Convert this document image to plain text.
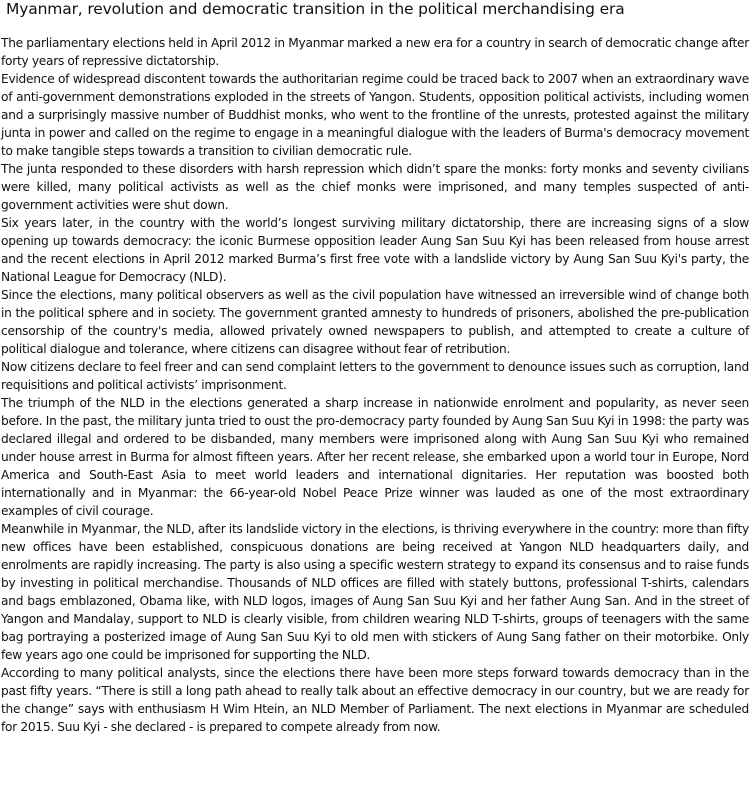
Myanmar, revolution and democratic transition in the political merchandising era

The parliamentary elections held in April 2012 in Myanmar marked a new era for a country in search of democratic change after forty years of repressive dictatorship.

Evidence of widespread discontent towards the authoritarian regime could be traced back to 2007 when an extraordinary wave of anti-government demonstrations exploded in the streets of Yangon. Students, opposition political activists, including women and a surprisingly massive number of Buddhist monks, who went to the frontline of the unrests, protested against the military junta in power and called on the regime to engage in a meaningful dialogue with the leaders of Burma's democracy movement to make tangible steps towards a transition to civilian democratic rule.

The junta responded to these disorders with harsh repression which didn’t spare the monks: forty monks and seventy civilians were killed, many political activists as well as the chief monks were imprisoned, and many temples suspected of anti-government activities were shut down.

Six years later, in the country with the world’s longest surviving military dictatorship, there are increasing signs of a slow opening up towards democracy: the iconic Burmese opposition leader Aung San Suu Kyi has been released from house arrest and the recent elections in April 2012 marked Burma’s first free vote with a landslide victory by Aung San Suu Kyi's party, the National League for Democracy (NLD).

Since the elections, many political observers as well as the civil population have witnessed an irreversible wind of change both in the political sphere and in society. The government granted amnesty to hundreds of prisoners, abolished the pre-publication censorship of the country's media, allowed privately owned newspapers to publish, and attempted to create a culture of political dialogue and tolerance, where citizens can disagree without fear of retribution.

Now citizens declare to feel freer and can send complaint letters to the government to denounce issues such as corruption, land requisitions and political activists’ imprisonment.

The triumph of the NLD in the elections generated a sharp increase in nationwide enrolment and popularity, as never seen before. In the past, the military junta tried to oust the pro-democracy party founded by Aung San Suu Kyi in 1998: the party was declared illegal and ordered to be disbanded, many members were imprisoned along with Aung San Suu Kyi who remained under house arrest in Burma for almost fifteen years. After her recent release, she embarked upon a world tour in Europe, Nord America and South-East Asia to meet world leaders and international dignitaries. Her reputation was boosted both internationally and in Myanmar: the 66-year-old Nobel Peace Prize winner was lauded as one of the most extraordinary examples of civil courage.

Meanwhile in Myanmar, the NLD, after its landslide victory in the elections, is thriving everywhere in the country: more than fifty new offices have been established, conspicuous donations are being received at Yangon NLD headquarters daily, and enrolments are rapidly increasing. The party is also using a specific western strategy to expand its consensus and to raise funds by investing in political merchandise. Thousands of NLD offices are filled with stately buttons, professional T-shirts, calendars and bags emblazoned, Obama like, with NLD logos, images of Aung San Suu Kyi and her father Aung San. And in the street of Yangon and Mandalay, support to NLD is clearly visible, from children wearing NLD T-shirts, groups of teenagers with the same bag portraying a posterized image of Aung San Suu Kyi to old men with stickers of Aung Sang father on their motorbike. Only few years ago one could be imprisoned for supporting the NLD.

According to many political analysts, since the elections there have been more steps forward towards democracy than in the past fifty years. “There is still a long path ahead to really talk about an effective democracy in our country, but we are ready for the change” says with enthusiasm H Wim Htein, an NLD Member of Parliament. The next elections in Myanmar are scheduled for 2015. Suu Kyi - she declared - is prepared to compete already from now.
